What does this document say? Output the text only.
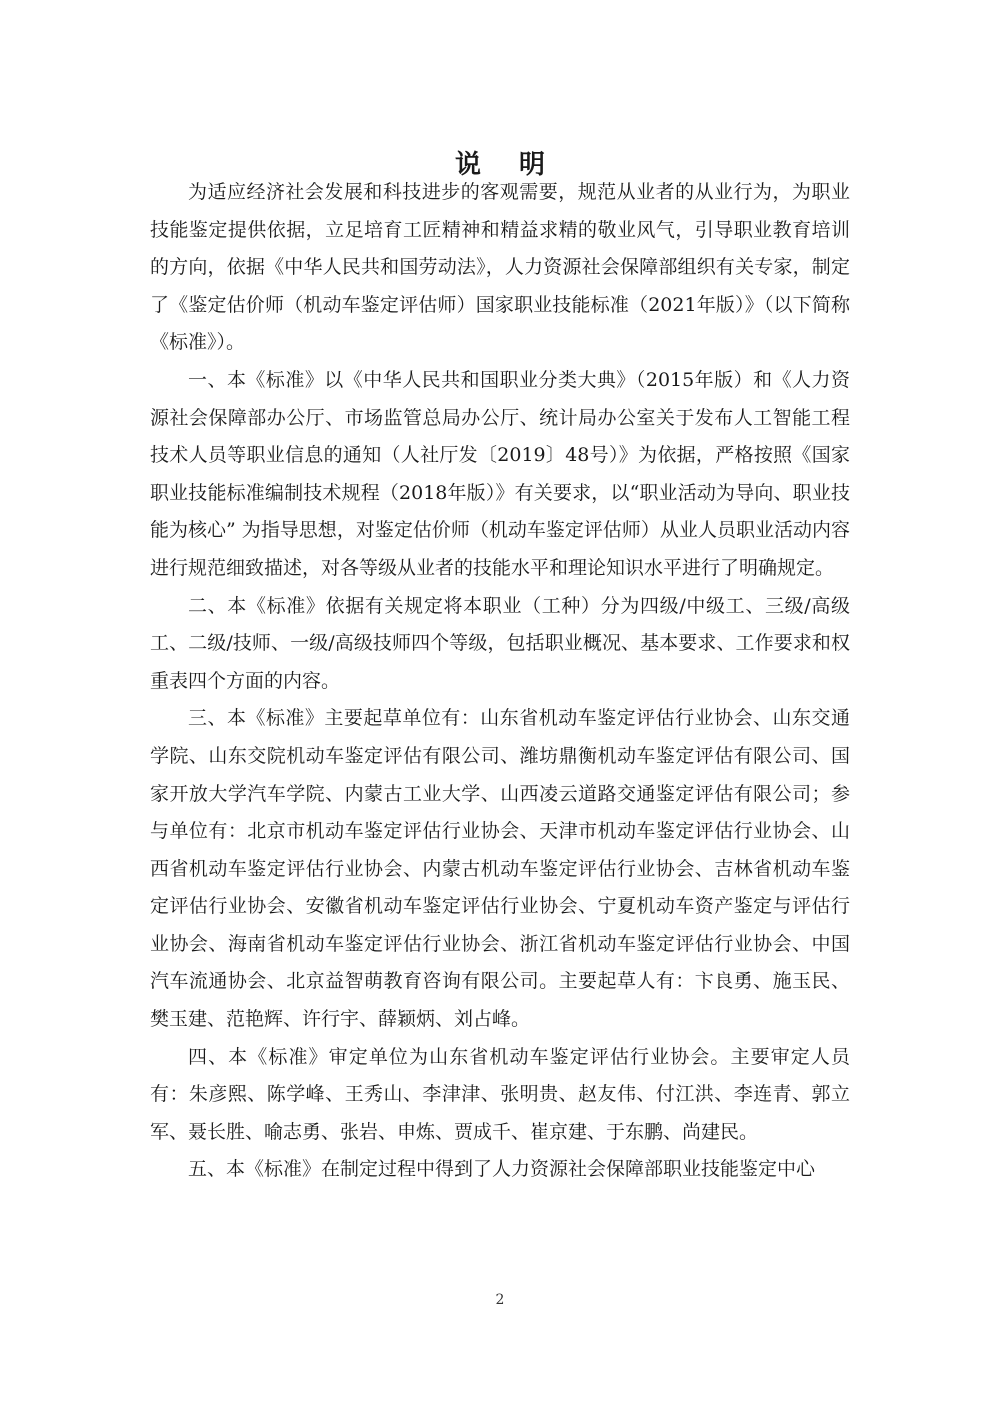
说明

为适应经济社会发展和科技进步的客观需要，规范从业者的从业行为，为职业技能鉴定提供依据，立足培育工匠精神和精益求精的敬业风气，引导职业教育培训的方向，依据《中华人民共和国劳动法》，人力资源社会保障部组织有关专家，制定了《鉴定估价师（机动车鉴定评估师）国家职业技能标准（2021年版）》（以下简称《标准》）。

一、本《标准》以《中华人民共和国职业分类大典》（2015年版）和《人力资源社会保障部办公厅、市场监管总局办公厅、统计局办公室关于发布人工智能工程技术人员等职业信息的通知（人社厅发〔2019〕48号）》为依据，严格按照《国家职业技能标准编制技术规程（2018年版）》有关要求，以“职业活动为导向、职业技能为核心” 为指导思想，对鉴定估价师（机动车鉴定评估师）从业人员职业活动内容进行规范细致描述，对各等级从业者的技能水平和理论知识水平进行了明确规定。

二、本《标准》依据有关规定将本职业（工种）分为四级/中级工、三级/高级工、二级/技师、一级/高级技师四个等级，包括职业概况、基本要求、工作要求和权重表四个方面的内容。

三、本《标准》主要起草单位有：山东省机动车鉴定评估行业协会、山东交通学院、山东交院机动车鉴定评估有限公司、潍坊鼎衡机动车鉴定评估有限公司、国家开放大学汽车学院、内蒙古工业大学、山西凌云道路交通鉴定评估有限公司；参与单位有：北京市机动车鉴定评估行业协会、天津市机动车鉴定评估行业协会、山西省机动车鉴定评估行业协会、内蒙古机动车鉴定评估行业协会、吉林省机动车鉴定评估行业协会、安徽省机动车鉴定评估行业协会、宁夏机动车资产鉴定与评估行业协会、海南省机动车鉴定评估行业协会、浙江省机动车鉴定评估行业协会、中国汽车流通协会、北京益智萌教育咨询有限公司。主要起草人有：卞良勇、施玉民、樊玉建、范艳辉、许行宇、薛颖炳、刘占峰。

四、本《标准》审定单位为山东省机动车鉴定评估行业协会。主要审定人员有：朱彦熙、陈学峰、王秀山、李津津、张明贵、赵友伟、付江洪、李连青、郭立军、聂长胜、喻志勇、张岩、申炼、贾成千、崔京建、于东鹏、尚建民。

五、本《标准》在制定过程中得到了人力资源社会保障部职业技能鉴定中心

2
